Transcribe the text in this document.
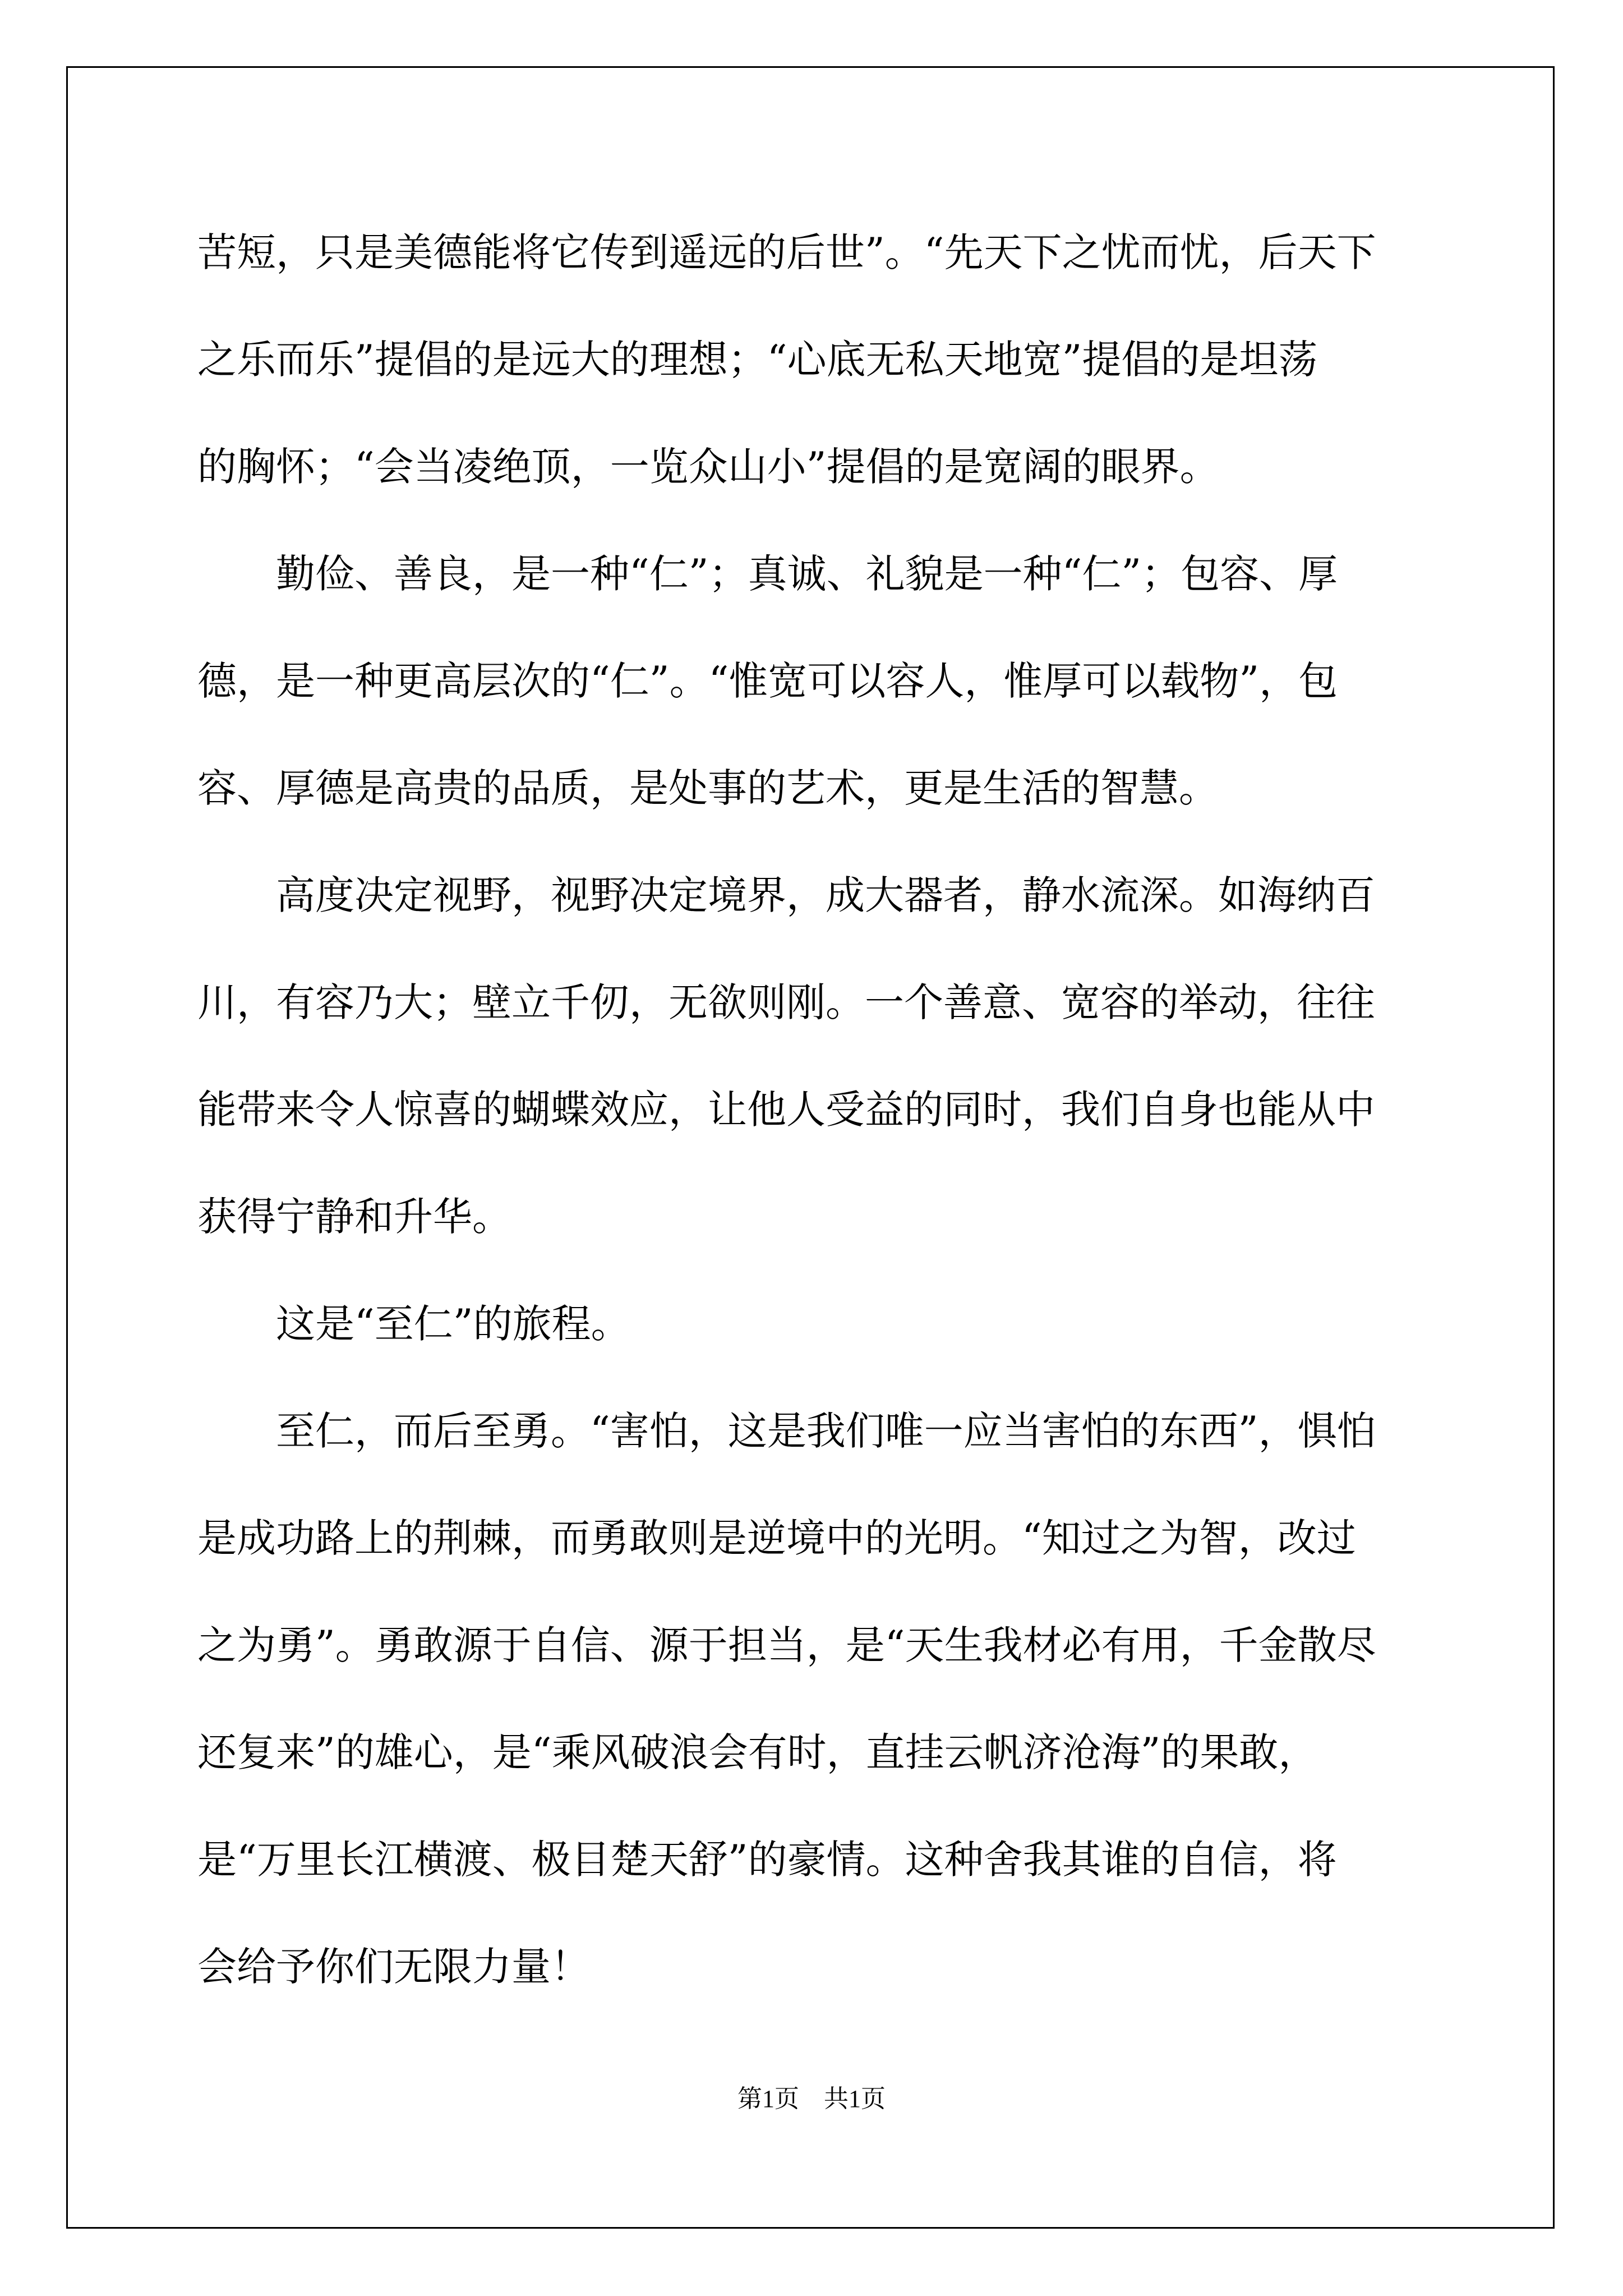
苦短，只是美德能将它传到遥远的后世”。“先天下之忧而忧，后天下
之乐而乐”提倡的是远大的理想；“心底无私天地宽”提倡的是坦荡
的胸怀；“会当凌绝顶，一览众山小”提倡的是宽阔的眼界。
　　勤俭、善良，是一种“仁”；真诚、礼貌是一种“仁”；包容、厚
德，是一种更高层次的“仁”。“惟宽可以容人，惟厚可以载物”，包
容、厚德是高贵的品质，是处事的艺术，更是生活的智慧。
　　高度决定视野，视野决定境界，成大器者，静水流深。如海纳百
川，有容乃大；壁立千仞，无欲则刚。一个善意、宽容的举动，往往
能带来令人惊喜的蝴蝶效应，让他人受益的同时，我们自身也能从中
获得宁静和升华。
　　这是“至仁”的旅程。
　　至仁，而后至勇。“害怕，这是我们唯一应当害怕的东西”，惧怕
是成功路上的荆棘，而勇敢则是逆境中的光明。“知过之为智，改过
之为勇”。勇敢源于自信、源于担当，是“天生我材必有用，千金散尽
还复来”的雄心，是“乘风破浪会有时，直挂云帆济沧海”的果敢，
是“万里长江横渡、极目楚天舒”的豪情。这种舍我其谁的自信，将
会给予你们无限力量！
第1页　共1页
